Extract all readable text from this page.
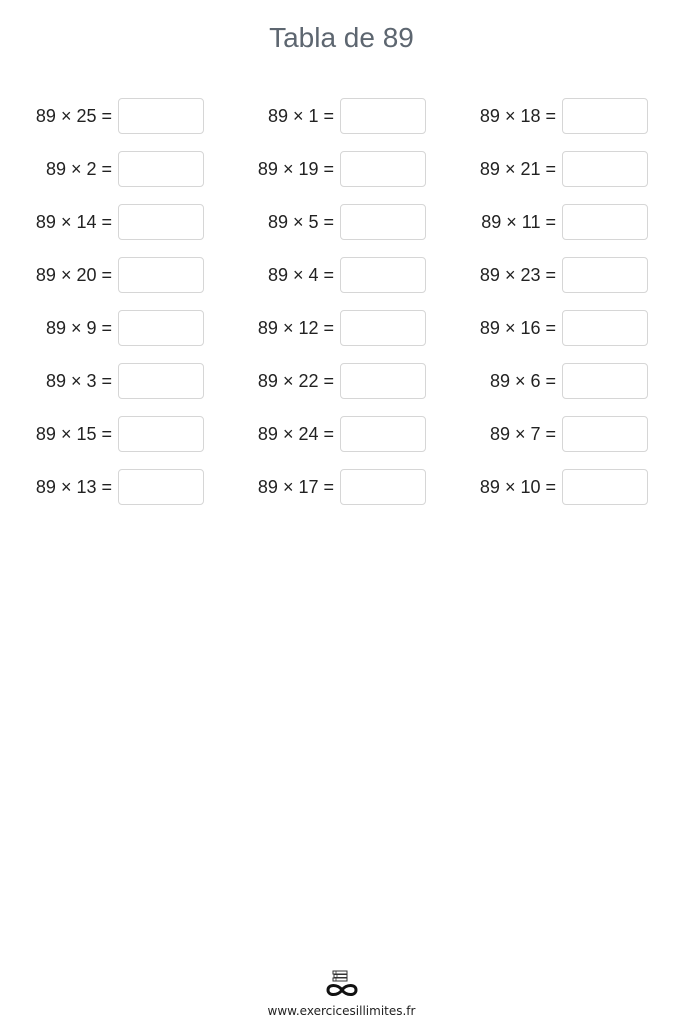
Tabla de 89
89 × 25 =
89 × 2 =
89 × 14 =
89 × 20 =
89 × 9 =
89 × 3 =
89 × 15 =
89 × 13 =
89 × 1 =
89 × 19 =
89 × 5 =
89 × 4 =
89 × 12 =
89 × 22 =
89 × 24 =
89 × 17 =
89 × 18 =
89 × 21 =
89 × 11 =
89 × 23 =
89 × 16 =
89 × 6 =
89 × 7 =
89 × 10 =
www.exercicesillimites.fr
